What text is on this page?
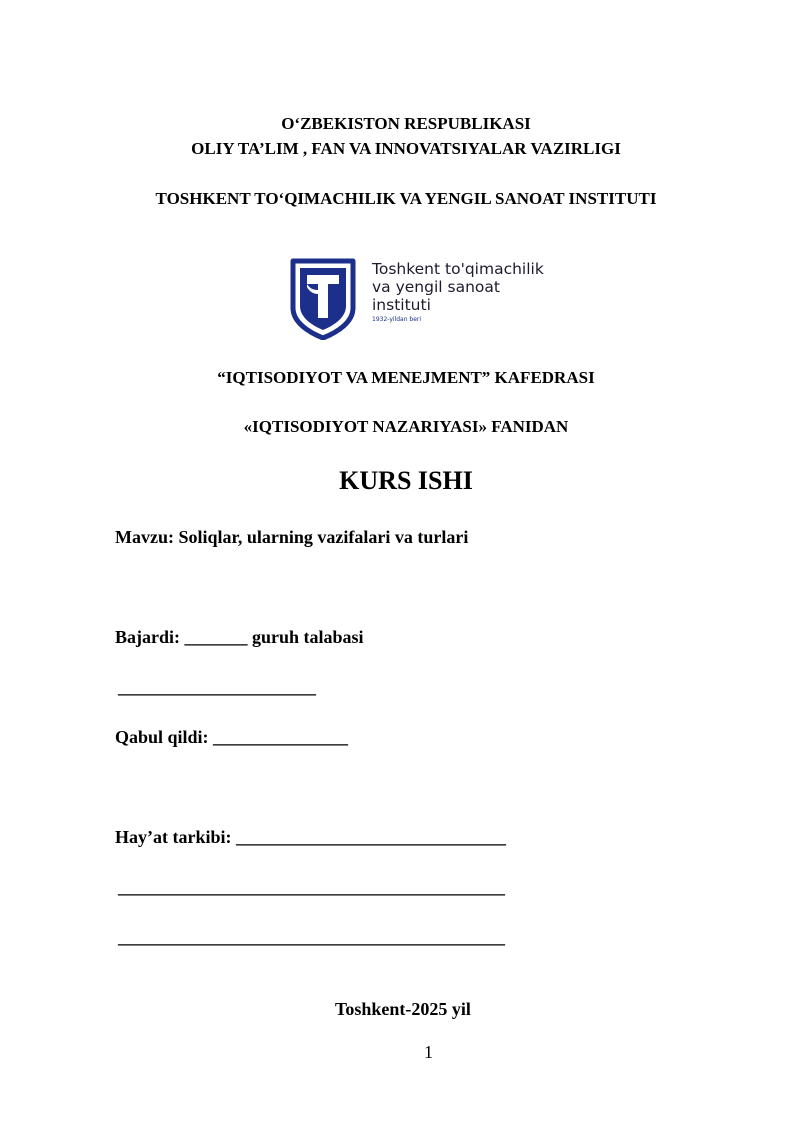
O‘ZBEKISTON RESPUBLIKASI
OLIY TA’LIM , FAN VA INNOVATSIYALAR VAZIRLIGI
TOSHKENT TO‘QIMACHILIK VA YENGIL SANOAT INSTITUTI
Toshkent to'qimachilik
va yengil sanoat
instituti
1932-yildan beri
“IQTISODIYOT VA MENEJMENT” KAFEDRASI
«IQTISODIYOT NAZARIYASI» FANIDAN
KURS ISHI
Mavzu: Soliqlar, ularning vazifalari va turlari
Bajardi: _______ guruh talabasi
______________________
Qabul qildi: _______________
Hay’at tarkibi: ______________________________
___________________________________________
___________________________________________
Toshkent-2025 yil
1
